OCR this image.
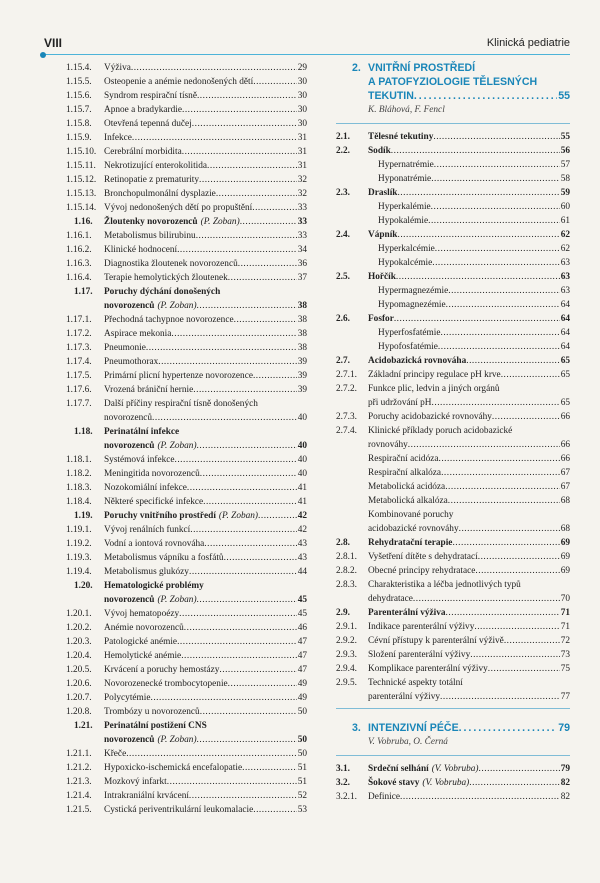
VIII	Klinická pediatrie
1.15.4. Výživa . . .	29
1.15.5. Osteopenie a anémie nedonošených dětí . . .	30
1.15.6. Syndrom respirační tísně . . .	30
1.15.7. Apnoe a bradykardie . . .	30
1.15.8. Otevřená tepenná dučej . . .	30
1.15.9. Infekce . . .	31
1.15.10. Cerebrální morbidita . . .	31
1.15.11. Nekrotizující enterokolitida . . .	31
1.15.12. Retinopatie z prematurity . . .	32
1.15.13. Bronchopulmonální dysplazie . . .	32
1.15.14. Vývoj nedonošených dětí po propuštění . . .	33
1.16. Žloutenky novorozenců (P. Zoban) . . .	33
1.16.1. Metabolismus bilirubinu . . .	33
1.16.2. Klinické hodnocení . . .	34
1.16.3. Diagnostika žloutenek novorozenců . . .	36
1.16.4. Terapie hemolytických žloutenek . . .	37
1.17. Poruchy dýchání donošených
novorozenců (P. Zoban) . . .	38
1.17.1. Přechodná tachypnoe novorozence . . .	38
1.17.2. Aspirace mekonia . . .	38
1.17.3. Pneumonie . . .	38
1.17.4. Pneumothorax . . .	39
1.17.5. Primární plicní hypertenze novorozence . . .	39
1.17.6. Vrozená brániční hernie . . .	39
1.17.7. Další příčiny respirační tísně donošených
novorozenců . . .	40
1.18. Perinatální infekce
novorozenců (P. Zoban) . . .	40
1.18.1. Systémová infekce . . .	40
1.18.2. Meningitida novorozenců . . .	40
1.18.3. Nozokomiální infekce . . .	41
1.18.4. Některé specifické infekce . . .	41
1.19. Poruchy vnitřního prostředí (P. Zoban) . . .	42
1.19.1. Vývoj renálních funkcí . . .	42
1.19.2. Vodní a iontová rovnováha . . .	43
1.19.3. Metabolismus vápníku a fosfátů . . .	43
1.19.4. Metabolismus glukózy . . .	44
1.20. Hematologické problémy
novorozenců (P. Zoban) . . .	45
1.20.1. Vývoj hematopoézy . . .	45
1.20.2. Anémie novorozenců . . .	46
1.20.3. Patologické anémie . . .	47
1.20.4. Hemolytické anémie . . .	47
1.20.5. Krvácení a poruchy hemostázy . . .	47
1.20.6. Novorozenecké trombocytopenie . . .	49
1.20.7. Polycytémie . . .	49
1.20.8. Trombózy u novorozenců . . .	50
1.21. Perinatální postižení CNS
novorozenců (P. Zoban) . . .	50
1.21.1. Křeče . . .	50
1.21.2. Hypoxicko-ischemická encefalopatie . . .	51
1.21.3. Mozkový infarkt . . .	51
1.21.4. Intrakraniální krvácení . . .	52
1.21.5. Cystická periventrikulární leukomalacie . . .	53
2. VNITŘNÍ PROSTŘEDÍ
A PATOFYZIOLOGIE TĚLESNÝCH
TEKUTIN . . .	55
K. Bláhová, F. Fencl
2.1. Tělesné tekutiny . . .	55
2.2. Sodík . . .	56
Hypernatrémie . . .	57
Hyponatrémie . . .	58
2.3. Draslík . . .	59
Hyperkalémie . . .	60
Hypokalémie . . .	61
2.4. Vápník . . .	62
Hyperkalcémie . . .	62
Hypokalcémie . . .	63
2.5. Hořčík . . .	63
Hypermagnezémie . . .	63
Hypomagnezémie . . .	64
2.6. Fosfor . . .	64
Hyperfosfatémie . . .	64
Hypofosfatémie . . .	64
2.7. Acidobazická rovnováha . . .	65
2.7.1. Základní principy regulace pH krve . . .	65
2.7.2. Funkce plic, ledvin a jiných orgánů
při udržování pH . . .	65
2.7.3. Poruchy acidobazické rovnováhy . . .	66
2.7.4. Klinické příklady poruch acidobazické
rovnováhy . . .	66
Respirační acidóza . . .	66
Respirační alkalóza . . .	67
Metabolická acidóza . . .	67
Metabolická alkalóza . . .	68
Kombinované poruchy
acidobazické rovnováhy . . .	68
2.8. Rehydratační terapie . . .	69
2.8.1. Vyšetření dítěte s dehydratací . . .	69
2.8.2. Obecné principy rehydratace . . .	69
2.8.3. Charakteristika a léčba jednotlivých typů
dehydratace . . .	70
2.9. Parenterální výživa . . .	71
2.9.1. Indikace parenterální výživy . . .	71
2.9.2. Cévní přístupy k parenterální výživě . . .	72
2.9.3. Složení parenterální výživy . . .	73
2.9.4. Komplikace parenterální výživy . . .	75
2.9.5. Technické aspekty totální
parenterální výživy . . .	77
3. INTENZIVNÍ PÉČE . . .	79
V. Vobruba, O. Černá
3.1. Srdeční selhání (V. Vobruba) . . .	79
3.2. Šokové stavy (V. Vobruba) . . .	82
3.2.1. Definice . . .	82
